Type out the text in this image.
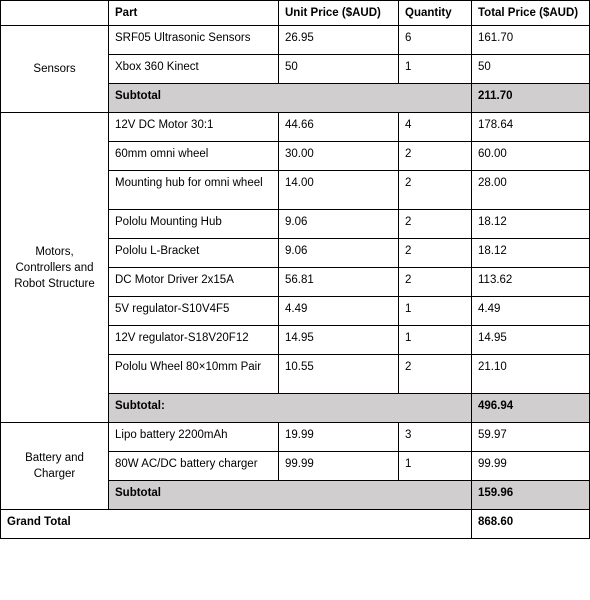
	Part	Unit Price ($AUD)	Quantity	Total Price ($AUD)
Sensors	SRF05 Ultrasonic Sensors	26.95	6	161.70
	Xbox 360 Kinect	50	1	50
	Subtotal			211.70
Motors, Controllers and Robot Structure	12V DC Motor 30:1	44.66	4	178.64
	60mm omni wheel	30.00	2	60.00
	Mounting hub for omni wheel	14.00	2	28.00
	Pololu Mounting Hub	9.06	2	18.12
	Pololu L-Bracket	9.06	2	18.12
	DC Motor Driver 2x15A	56.81	2	113.62
	5V regulator-S10V4F5	4.49	1	4.49
	12V regulator-S18V20F12	14.95	1	14.95
	Pololu Wheel 80×10mm Pair	10.55	2	21.10
	Subtotal:			496.94
Battery and Charger	Lipo battery 2200mAh	19.99	3	59.97
	80W AC/DC battery charger	99.99	1	99.99
	Subtotal			159.96
Grand Total				868.60
